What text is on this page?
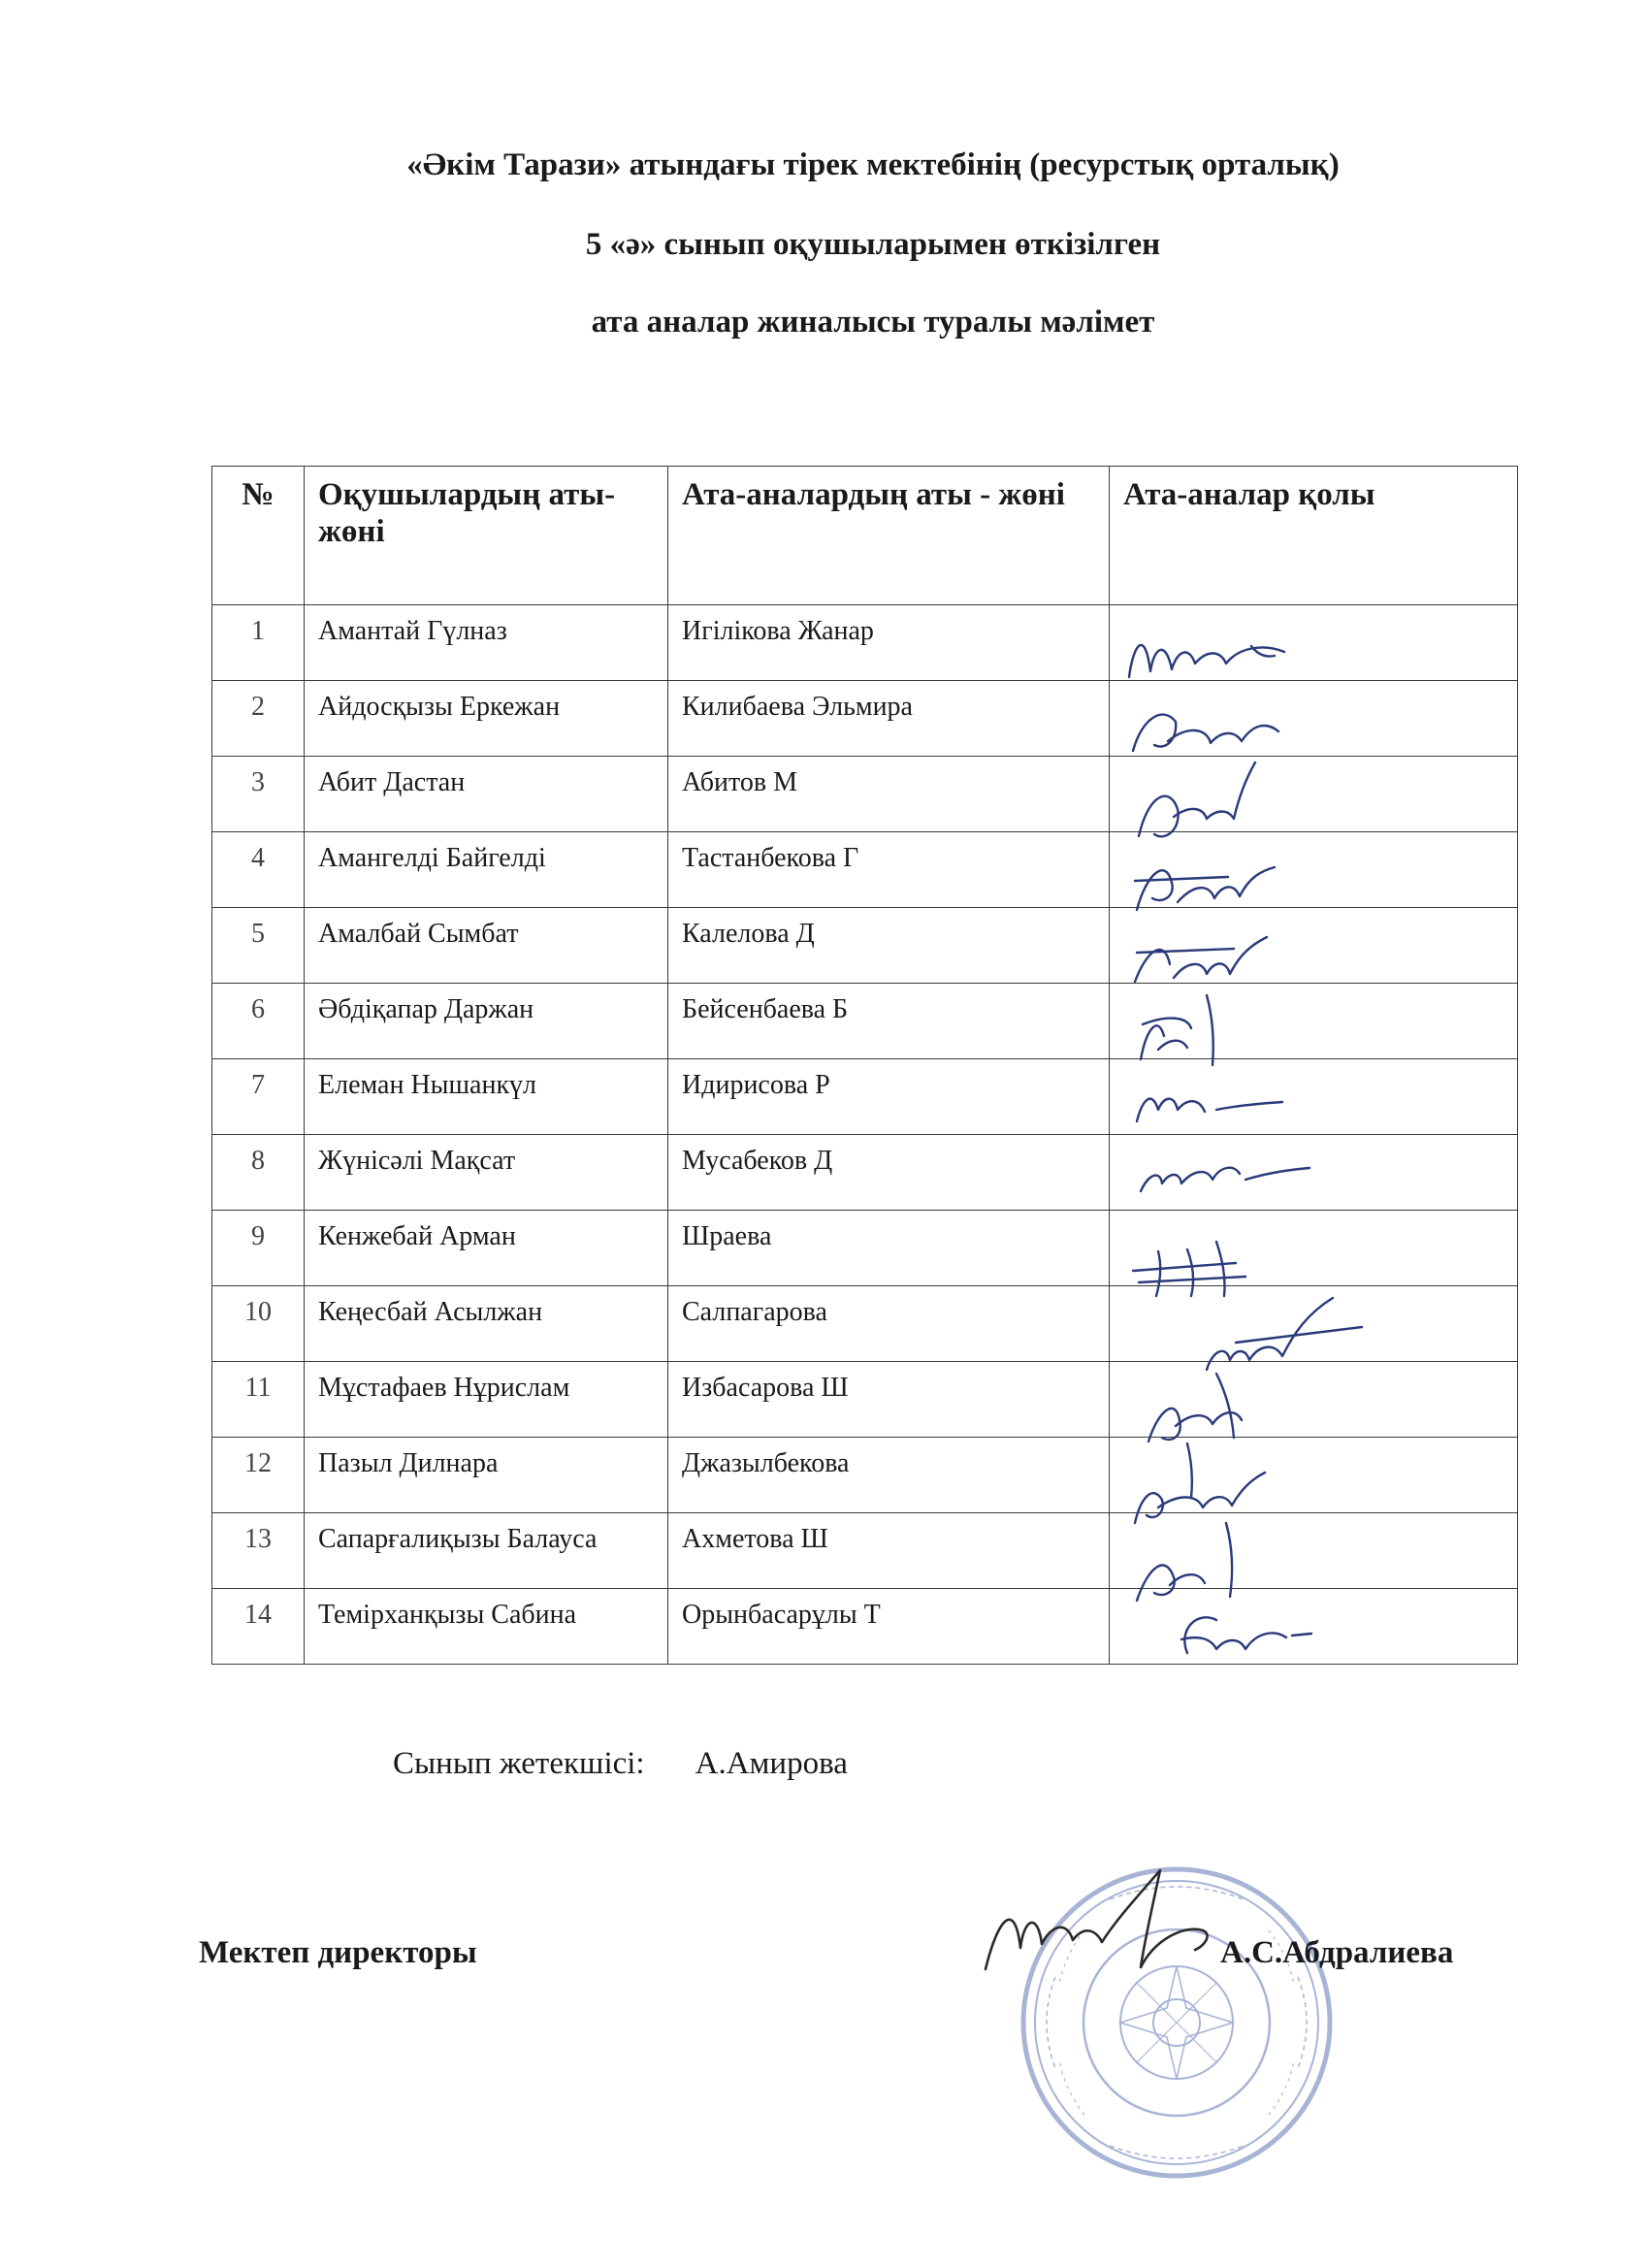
«Әкім Тарази» атындағы тірек мектебінің (ресурстық орталық)
5 «ә» сынып оқушыларымен өткізілген
ата аналар жиналысы туралы мәлімет
№	Оқушылардың аты-жөні	Ата-аналардың аты - жөні	Ата-аналар қолы

1	Амантай Гүлназ	Игілікова Жанар

2	Айдосқызы Еркежан	Килибаева Эльмира

3	Абит Дастан	Абитов М

4	Амангелді Байгелді	Тастанбекова Г

5	Амалбай Сымбат	Калелова Д

6	Әбдіқапар Даржан	Бейсенбаева Б

7	Елеман Нышанкүл	Идирисова Р

8	Жүнісәлі Мақсат	Мусабеков Д

9	Кенжебай Арман	Шраева

10	Кеңесбай Асылжан	Салпагарова

11	Мұстафаев Нұрислам	Избасарова Ш

12	Пазыл Дилнара	Джазылбекова

13	Сапарғалиқызы Балауса	Ахметова Ш

14	Темірханқызы Сабина	Орынбасарұлы Т

Сынып жетекшісі: А.Амирова
Мектеп директоры	А.С.Абдралиева
